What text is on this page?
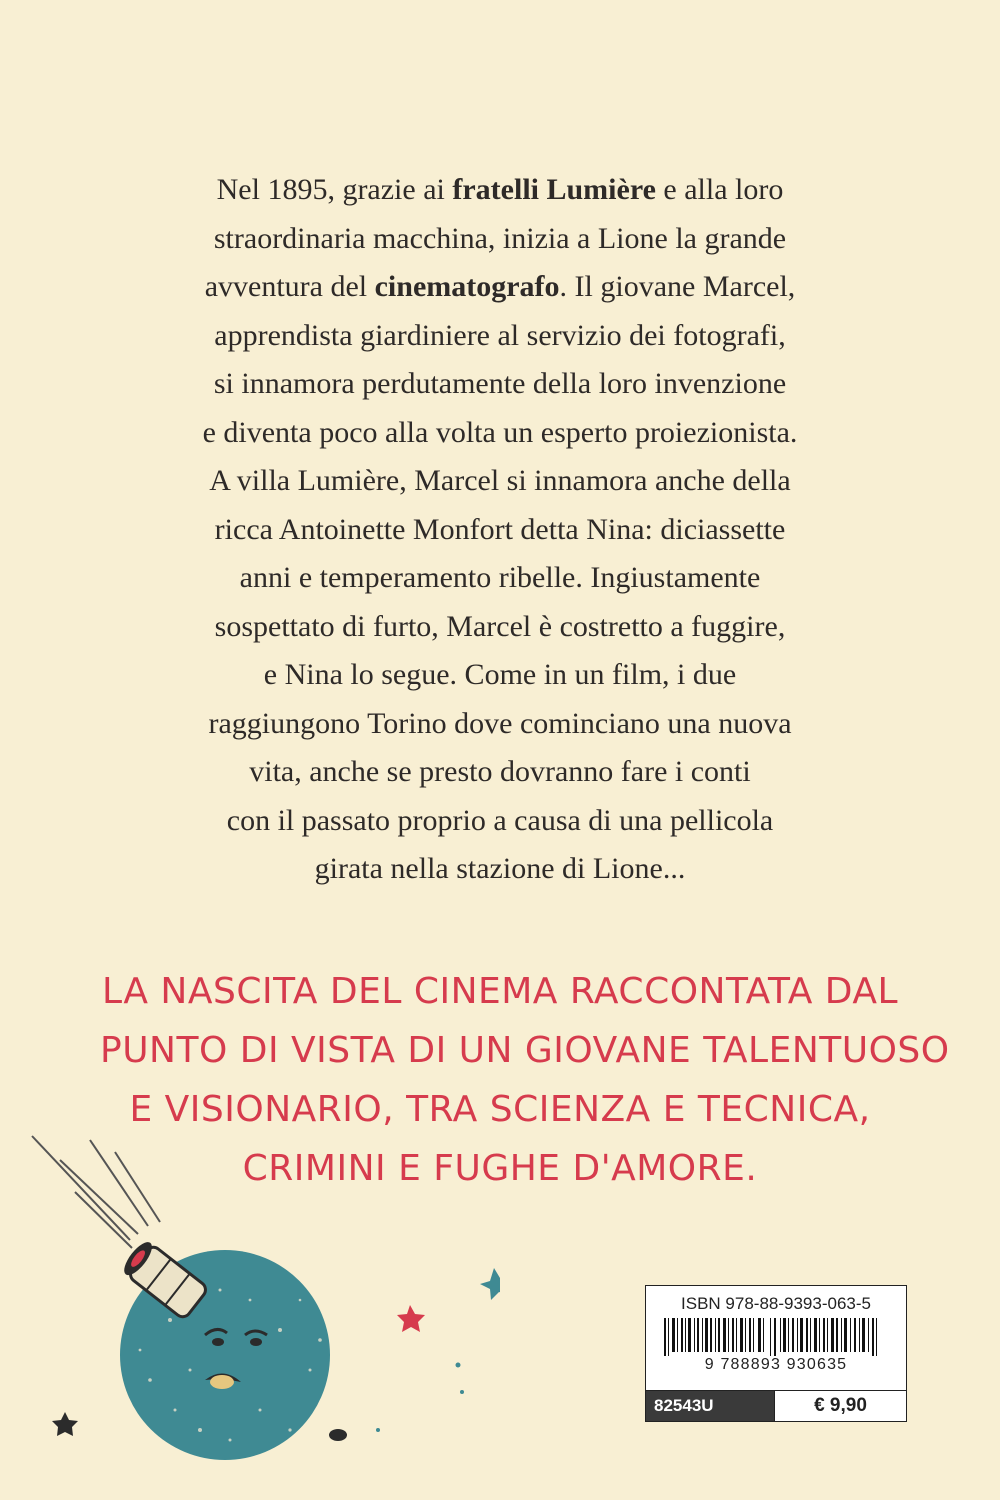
Nel 1895, grazie ai fratelli Lumière e alla loro
straordinaria macchina, inizia a Lione la grande
avventura del cinematografo. Il giovane Marcel,
apprendista giardiniere al servizio dei fotografi,
si innamora perdutamente della loro invenzione
e diventa poco alla volta un esperto proiezionista.
A villa Lumière, Marcel si innamora anche della
ricca Antoinette Monfort detta Nina: diciassette
anni e temperamento ribelle. Ingiustamente
sospettato di furto, Marcel è costretto a fuggire,
e Nina lo segue. Come in un film, i due
raggiungono Torino dove cominciano una nuova
vita, anche se presto dovranno fare i conti
con il passato proprio a causa di una pellicola
girata nella stazione di Lione...
LA NASCITA DEL CINEMA RACCONTATA DAL
PUNTO DI VISTA DI UN GIOVANE TALENTUOSO
E VISIONARIO, TRA SCIENZA E TECNICA,
CRIMINI E FUGHE D'AMORE.
ISBN 978-88-9393-063-5
9 788893 930635
82543U	€ 9,90
